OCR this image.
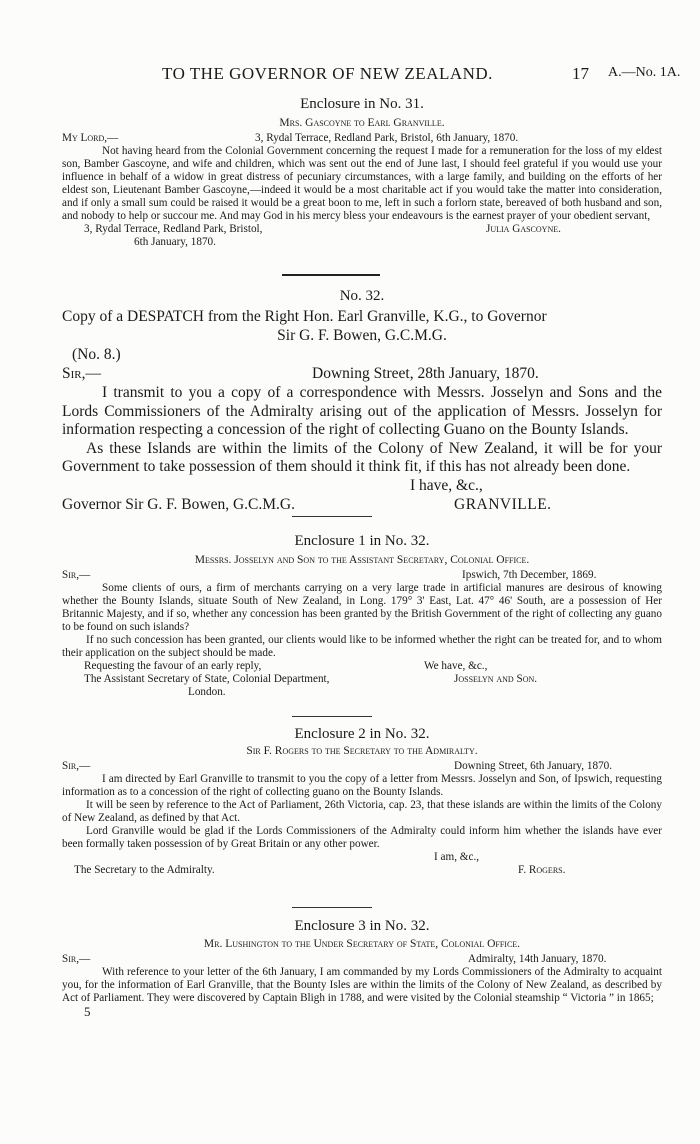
TO THE GOVERNOR OF NEW ZEALAND.	17 A.—No. 1A.
Enclosure in No. 31.
Mrs. Gascoyne to Earl Granville.
My Lord,—	3, Rydal Terrace, Redland Park, Bristol, 6th January, 1870.

Not having heard from the Colonial Government concerning the request I made for a remuneration for the loss of my eldest son, Bamber Gascoyne, and wife and children, which was sent out the end of June last, I should feel grateful if you would use your influence in behalf of a widow in great distress of pecuniary circumstances, with a large family, and building on the efforts of her eldest son, Lieutenant Bamber Gascoyne,—indeed it would be a most charitable act if you would take the matter into consideration, and if only a small sum could be raised it would be a great boon to me, left in such a forlorn state, bereaved of both husband and son, and nobody to help or succour me. And may God in his mercy bless your endeavours is the earnest prayer of your obedient servant,

3, Rydal Terrace, Redland Park, Bristol,	Julia Gascoyne.
6th January, 1870.
No. 32.
Copy of a DESPATCH from the Right Hon. Earl Granville, K.G., to Governor
Sir G. F. Bowen, G.C.M.G.
(No. 8.)
Sir,—	Downing Street, 28th January, 1870.

I transmit to you a copy of a correspondence with Messrs. Josselyn and Sons and the Lords Commissioners of the Admiralty arising out of the application of Messrs. Josselyn for information respecting a concession of the right of collecting Guano on the Bounty Islands.

As these Islands are within the limits of the Colony of New Zealand, it will be for your Government to take possession of them should it think fit, if this has not already been done.

I have, &c.,
Governor Sir G. F. Bowen, G.C.M.G.	GRANVILLE.
Enclosure 1 in No. 32.
Messrs. Josselyn and Son to the Assistant Secretary, Colonial Office.
Sir,—	Ipswich, 7th December, 1869.

Some clients of ours, a firm of merchants carrying on a very large trade in artificial manures are desirous of knowing whether the Bounty Islands, situate South of New Zealand, in Long. 179° 3' East, Lat. 47° 46' South, are a possession of Her Britannic Majesty, and if so, whether any concession has been granted by the British Government of the right of collecting any guano to be found on such islands?

If no such concession has been granted, our clients would like to be informed whether the right can be treated for, and to whom their application on the subject should be made.

Requesting the favour of an early reply,	We have, &c.,
The Assistant Secretary of State, Colonial Department,	Josselyn and Son.
London.
Enclosure 2 in No. 32.
Sir F. Rogers to the Secretary to the Admiralty.
Sir,—	Downing Street, 6th January, 1870.

I am directed by Earl Granville to transmit to you the copy of a letter from Messrs. Josselyn and Son, of Ipswich, requesting information as to a concession of the right of collecting guano on the Bounty Islands.

It will be seen by reference to the Act of Parliament, 26th Victoria, cap. 23, that these islands are within the limits of the Colony of New Zealand, as defined by that Act.

Lord Granville would be glad if the Lords Commissioners of the Admiralty could inform him whether the islands have ever been formally taken possession of by Great Britain or any other power.

I am, &c.,
The Secretary to the Admiralty.	F. Rogers.
Enclosure 3 in No. 32.
Mr. Lushington to the Under Secretary of State, Colonial Office.
Sir,—	Admiralty, 14th January, 1870.

With reference to your letter of the 6th January, I am commanded by my Lords Commissioners of the Admiralty to acquaint you, for the information of Earl Granville, that the Bounty Isles are within the limits of the Colony of New Zealand, as described by Act of Parliament. They were discovered by Captain Bligh in 1788, and were visited by the Colonial steamship “ Victoria ” in 1865;

5
